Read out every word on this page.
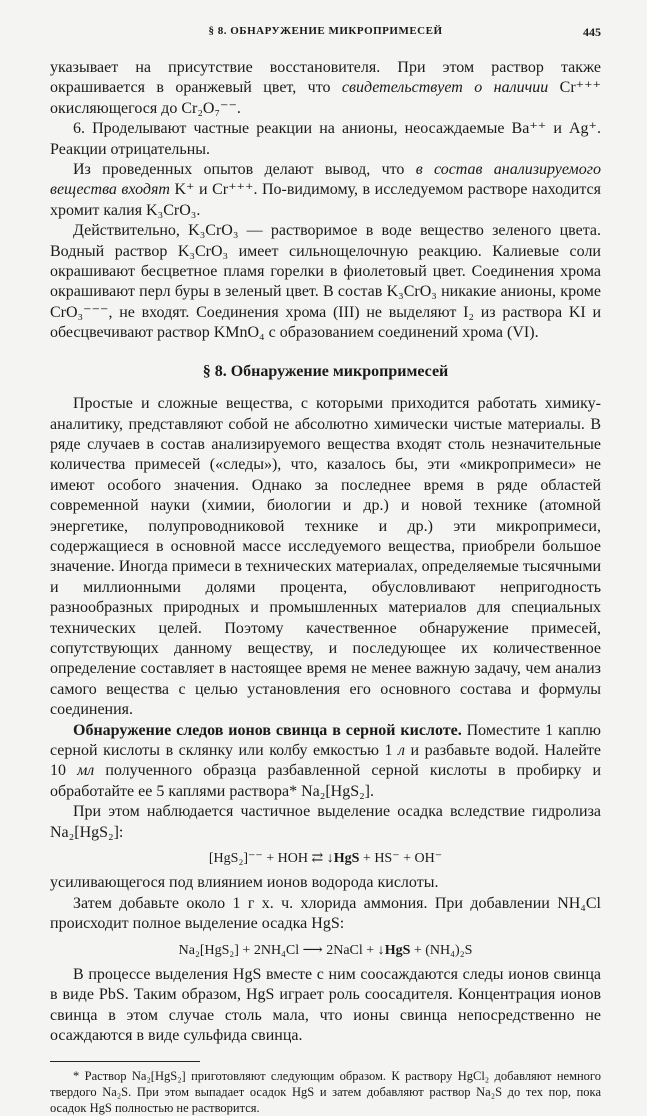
§ 8. ОБНАРУЖЕНИЕ МИКРОПРИМЕСЕЙ	445

указывает на присутствие восстановителя. При этом раствор также окрашивается в оранжевый цвет, что свидетельствует о наличии Cr⁺⁺⁺ окисляющегося до Cr₂O₇⁻⁻.

6. Проделывают частные реакции на анионы, неосаждаемые Ba⁺⁺ и Ag⁺. Реакции отрицательны.

Из проведенных опытов делают вывод, что в состав анализируемого вещества входят K⁺ и Cr⁺⁺⁺. По-видимому, в исследуемом растворе находится хромит калия K₃CrO₃.

Действительно, K₃CrO₃ — растворимое в воде вещество зеленого цвета. Водный раствор K₃CrO₃ имеет сильнощелочную реакцию. Калиевые соли окрашивают бесцветное пламя горелки в фиолетовый цвет. Соединения хрома окрашивают перл буры в зеленый цвет. В состав K₃CrO₃ никакие анионы, кроме CrO₃⁻⁻⁻, не входят. Соединения хрома (III) не выделяют I₂ из раствора KI и обесцвечивают раствор KMnO₄ с образованием соединений хрома (VI).

§ 8. Обнаружение микропримесей

Простые и сложные вещества, с которыми приходится работать химику-аналитику, представляют собой не абсолютно химически чистые материалы. В ряде случаев в состав анализируемого вещества входят столь незначительные количества примесей («следы»), что, казалось бы, эти «микропримеси» не имеют особого значения. Однако за последнее время в ряде областей современной науки (химии, биологии и др.) и новой технике (атомной энергетике, полупроводниковой технике и др.) эти микропримеси, содержащиеся в основной массе исследуемого вещества, приобрели большое значение. Иногда примеси в технических материалах, определяемые тысячными и миллионными долями процента, обусловливают непригодность разнообразных природных и промышленных материалов для специальных технических целей. Поэтому качественное обнаружение примесей, сопутствующих данному веществу, и последующее их количественное определение составляет в настоящее время не менее важную задачу, чем анализ самого вещества с целью установления его основного состава и формулы соединения.

Обнаружение следов ионов свинца в серной кислоте. Поместите 1 каплю серной кислоты в склянку или колбу емкостью 1 л и разбавьте водой. Налейте 10 мл полученного образца разбавленной серной кислоты в пробирку и обработайте ее 5 каплями раствора* Na₂[HgS₂].

При этом наблюдается частичное выделение осадка вследствие гидролиза Na₂[HgS₂]:

[HgS₂]⁻⁻ + HOH ⇄ ↓HgS + HS⁻ + OH⁻

усиливающегося под влиянием ионов водорода кислоты.

Затем добавьте около 1 г х. ч. хлорида аммония. При добавлении NH₄Cl происходит полное выделение осадка HgS:

Na₂[HgS₂] + 2NH₄Cl ⟶ 2NaCl + ↓HgS + (NH₄)₂S

В процессе выделения HgS вместе с ним соосаждаются следы ионов свинца в виде PbS. Таким образом, HgS играет роль соосадителя. Концентрация ионов свинца в этом случае столь мала, что ионы свинца непосредственно не осаждаются в виде сульфида свинца.

* Раствор Na₂[HgS₂] приготовляют следующим образом. К раствору HgCl₂ добавляют немного твердого Na₂S. При этом выпадает осадок HgS и затем добавляют раствор Na₂S до тех пор, пока осадок HgS полностью не растворится.
